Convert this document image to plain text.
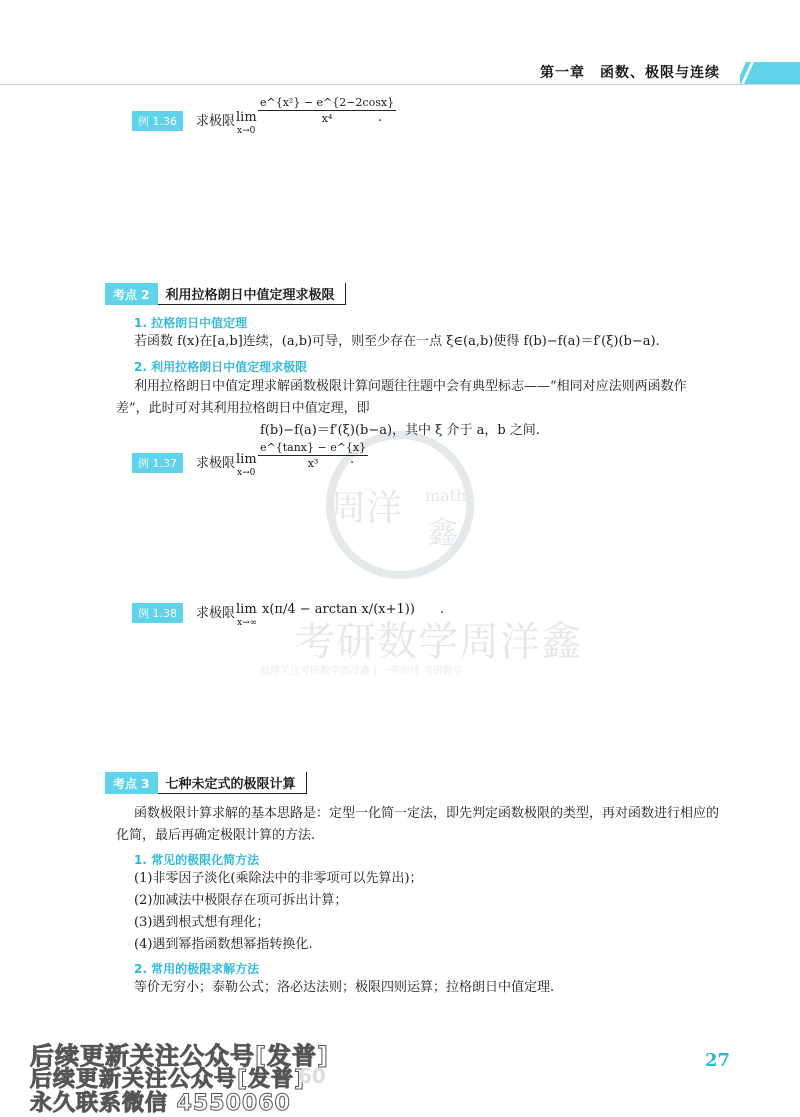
第一章　函数、极限与连续
周洋 math
鑫
考研数学周洋鑫
微博关注考研数学周洋鑫 | 一笑而过 考研数学
例 1.36	求极限 lim
x→0
$\frac{\text{e\textasciicircum{}\{x²\} − e\textasciicircum{}\{2−2cosx\}}}{\text{x⁴}}$
.
考点 2	利用拉格朗日中值定理求极限
1. 拉格朗日中值定理
若函数 f(x)在[a,b]连续，(a,b)可导，则至少存在一点 ξ∈(a,b)使得 f(b)−f(a)＝f′(ξ)(b−a).
2. 利用拉格朗日中值定理求极限
利用拉格朗日中值定理求解函数极限计算问题往往题中会有典型标志——“相同对应法则两函数作
差”，此时可对其利用拉格朗日中值定理，即
f(b)−f(a)＝f′(ξ)(b−a)，其中 ξ 介于 a，b 之间.
例 1.37	求极限 lim
x→0
$\frac{e\^{}\{\tan x\} - e\^{}\{x\}}{\text{x³}}$
.
例 1.38	求极限 lim
x→∞
x(π/4 − arctan x/(x+1)) .
考点 3	七种未定式的极限计算
函数极限计算求解的基本思路是：定型一化简一定法，即先判定函数极限的类型，再对函数进行相应的
化简，最后再确定极限计算的方法.
1. 常见的极限化简方法
(1)非零因子淡化(乘除法中的非零项可以先算出)；
(2)加减法中极限存在项可拆出计算；
(3)遇到根式想有理化；
(4)遇到幂指函数想幂指转换化.
2. 常用的极限求解方法
等价无穷小；泰勒公式；洛必达法则；极限四则运算；拉格朗日中值定理.
后续更新关注公众号[发普]
后续更新关注公众号[发普]
永久联系微信 4550060
60
27
